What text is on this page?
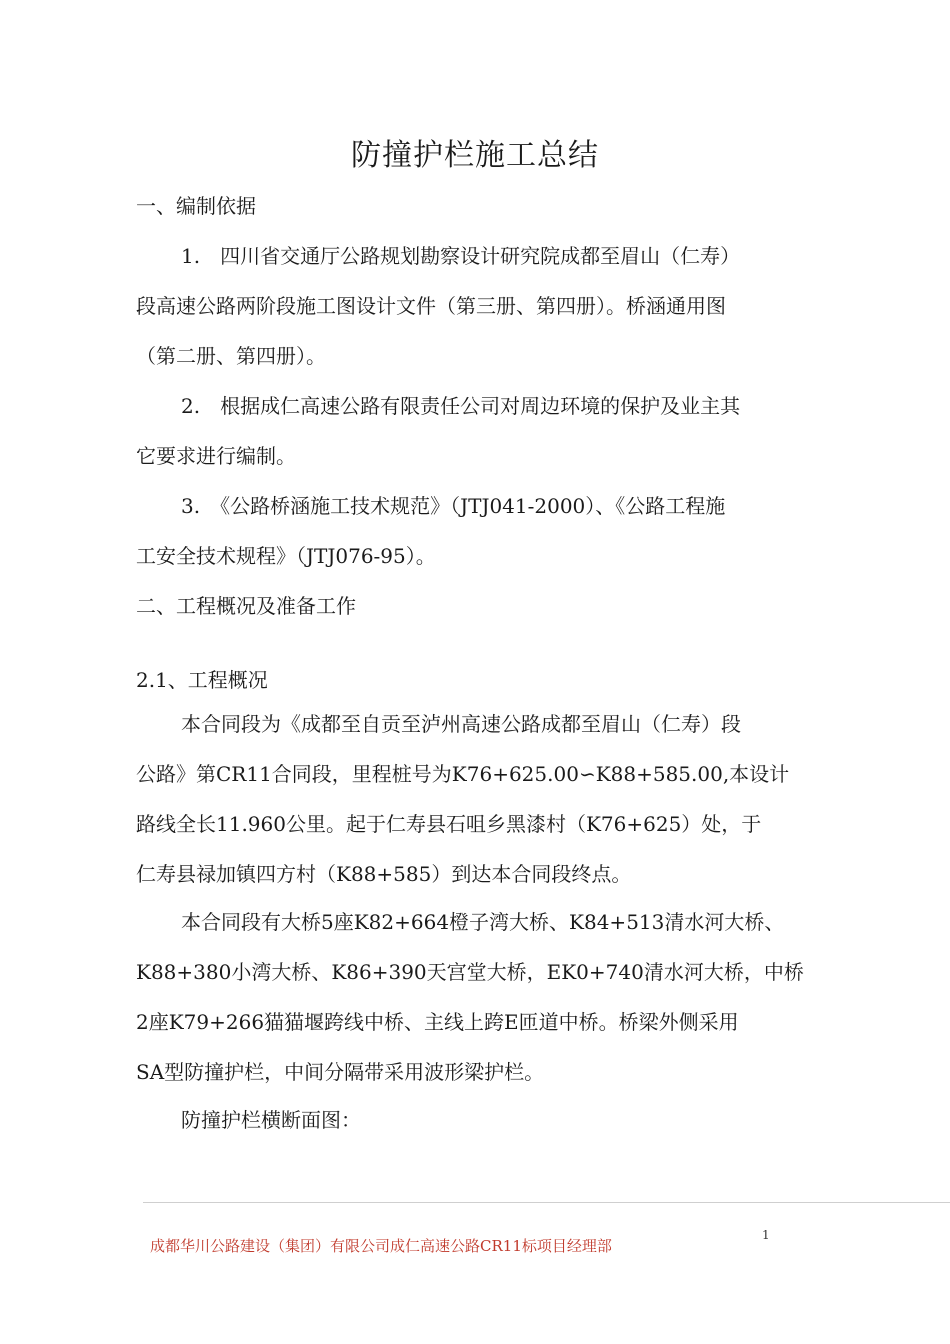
防撞护栏施工总结
一、编制依据
1.　四川省交通厅公路规划勘察设计研究院成都至眉山（仁寿）
段高速公路两阶段施工图设计文件（第三册、第四册）。桥涵通用图
（第二册、第四册）。
2.　根据成仁高速公路有限责任公司对周边环境的保护及业主其
它要求进行编制。
3.　《公路桥涵施工技术规范》（JTJ041-2000）、《公路工程施
工安全技术规程》（JTJ076-95）。
二、工程概况及准备工作
2.1、工程概况
本合同段为《成都至自贡至泸州高速公路成都至眉山（仁寿）段
公路》第CR11合同段，里程桩号为K76+625.00∽K88+585.00,本设计
路线全长11.960公里。起于仁寿县石咀乡黑漆村（K76+625）处，于
仁寿县禄加镇四方村（K88+585）到达本合同段终点。
本合同段有大桥5座K82+664橙子湾大桥、K84+513清水河大桥、
K88+380小湾大桥、K86+390天宫堂大桥，EK0+740清水河大桥，中桥
2座K79+266猫猫堰跨线中桥、主线上跨E匝道中桥。桥梁外侧采用
SA型防撞护栏，中间分隔带采用波形梁护栏。
防撞护栏横断面图：
1
成都华川公路建设（集团）有限公司成仁高速公路CR11标项目经理部
